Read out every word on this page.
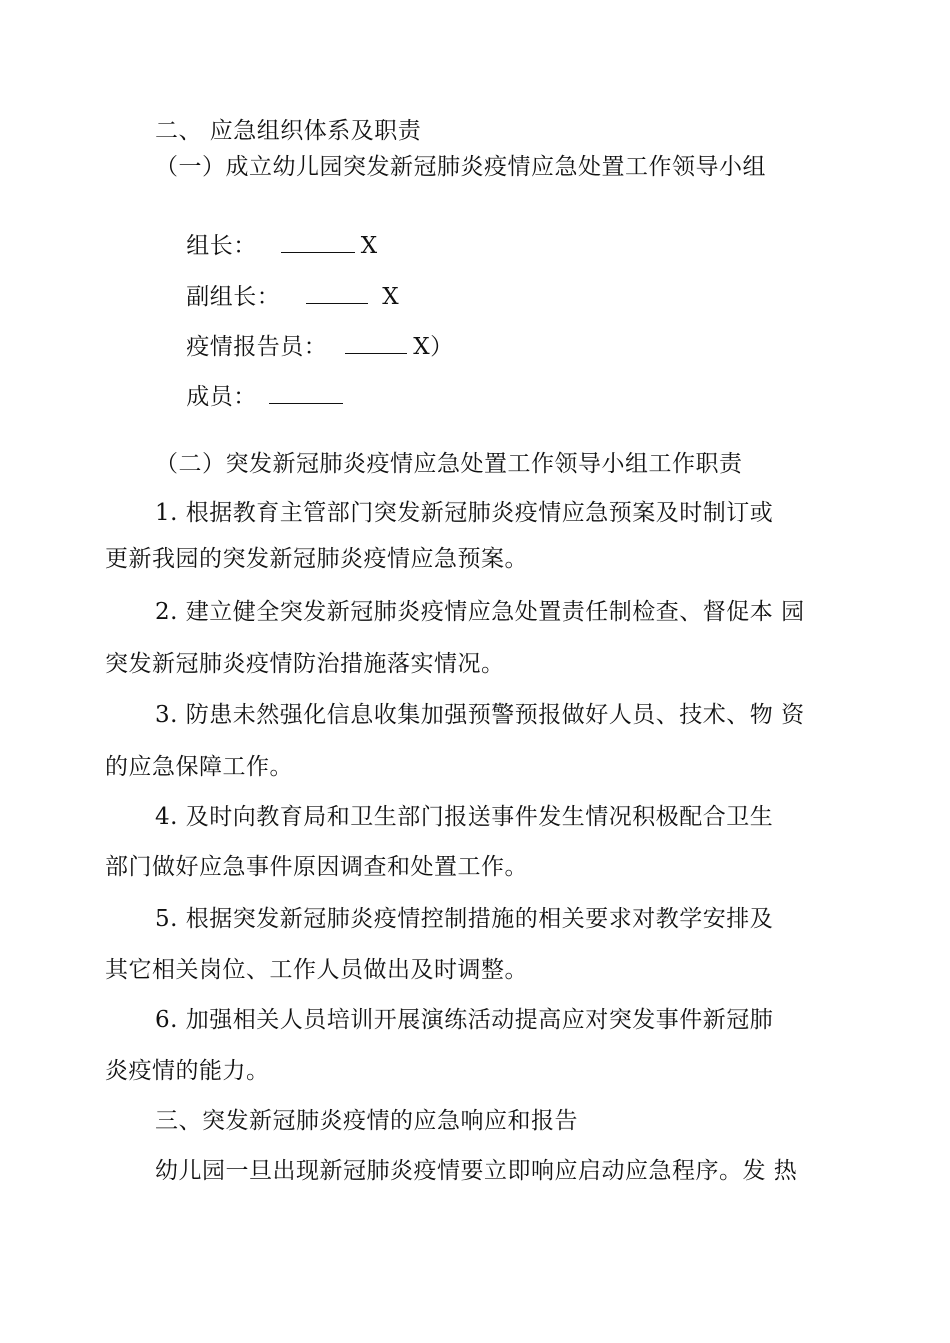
二、 应急组织体系及职责
（一）成立幼儿园突发新冠肺炎疫情应急处置工作领导小组

组长：	X

副组长：	X

疫情报告员：	X）

成员：

（二）突发新冠肺炎疫情应急处置工作领导小组工作职责
1. 根据教育主管部门突发新冠肺炎疫情应急预案及时制订或
更新我园的突发新冠肺炎疫情应急预案。
2. 建立健全突发新冠肺炎疫情应急处置责任制检查、督促本 园
突发新冠肺炎疫情防治措施落实情况。
3. 防患未然强化信息收集加强预警预报做好人员、技术、物 资
的应急保障工作。
4. 及时向教育局和卫生部门报送事件发生情况积极配合卫生
部门做好应急事件原因调查和处置工作。
5. 根据突发新冠肺炎疫情控制措施的相关要求对教学安排及
其它相关岗位、工作人员做出及时调整。
6. 加强相关人员培训开展演练活动提高应对突发事件新冠肺
炎疫情的能力。
三、突发新冠肺炎疫情的应急响应和报告
幼儿园一旦出现新冠肺炎疫情要立即响应启动应急程序。发 热
